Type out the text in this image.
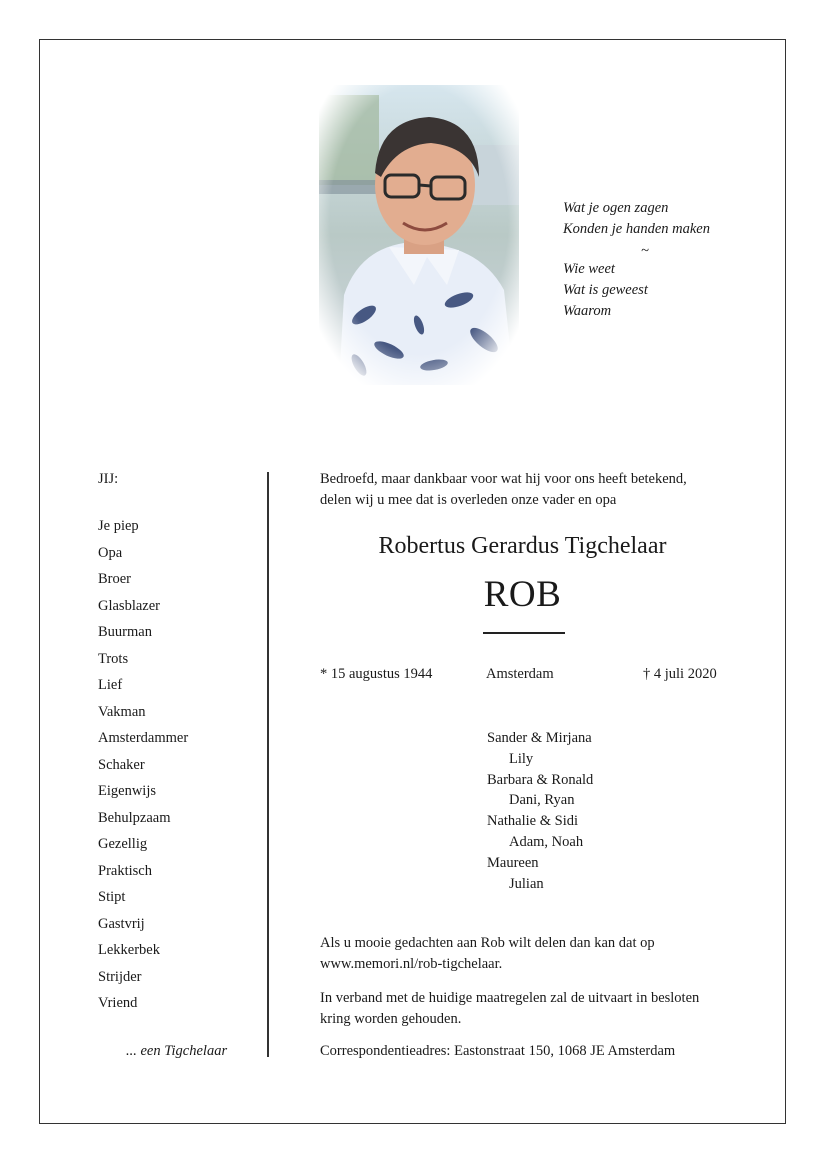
Wat je ogen zagen
Konden je handen maken
~
Wie weet
Wat is geweest
Waarom
JIJ:
Je piep
Opa
Broer
Glasblazer
Buurman
Trots
Lief
Vakman
Amsterdammer
Schaker
Eigenwijs
Behulpzaam
Gezellig
Praktisch
Stipt
Gastvrij
Lekkerbek
Strijder
Vriend
... een Tigchelaar
Bedroefd, maar dankbaar voor wat hij voor ons heeft betekend,
delen wij u mee dat is overleden onze vader en opa
Robertus Gerardus Tigchelaar
ROB
* 15 augustus 1944	Amsterdam	† 4 juli 2020
Sander & Mirjana
Lily
Barbara & Ronald
Dani, Ryan
Nathalie & Sidi
Adam, Noah
Maureen
Julian
Als u mooie gedachten aan Rob wilt delen dan kan dat op
www.memori.nl/rob-tigchelaar.
In verband met de huidige maatregelen zal de uitvaart in besloten
kring worden gehouden.
Correspondentieadres: Eastonstraat 150, 1068 JE Amsterdam
